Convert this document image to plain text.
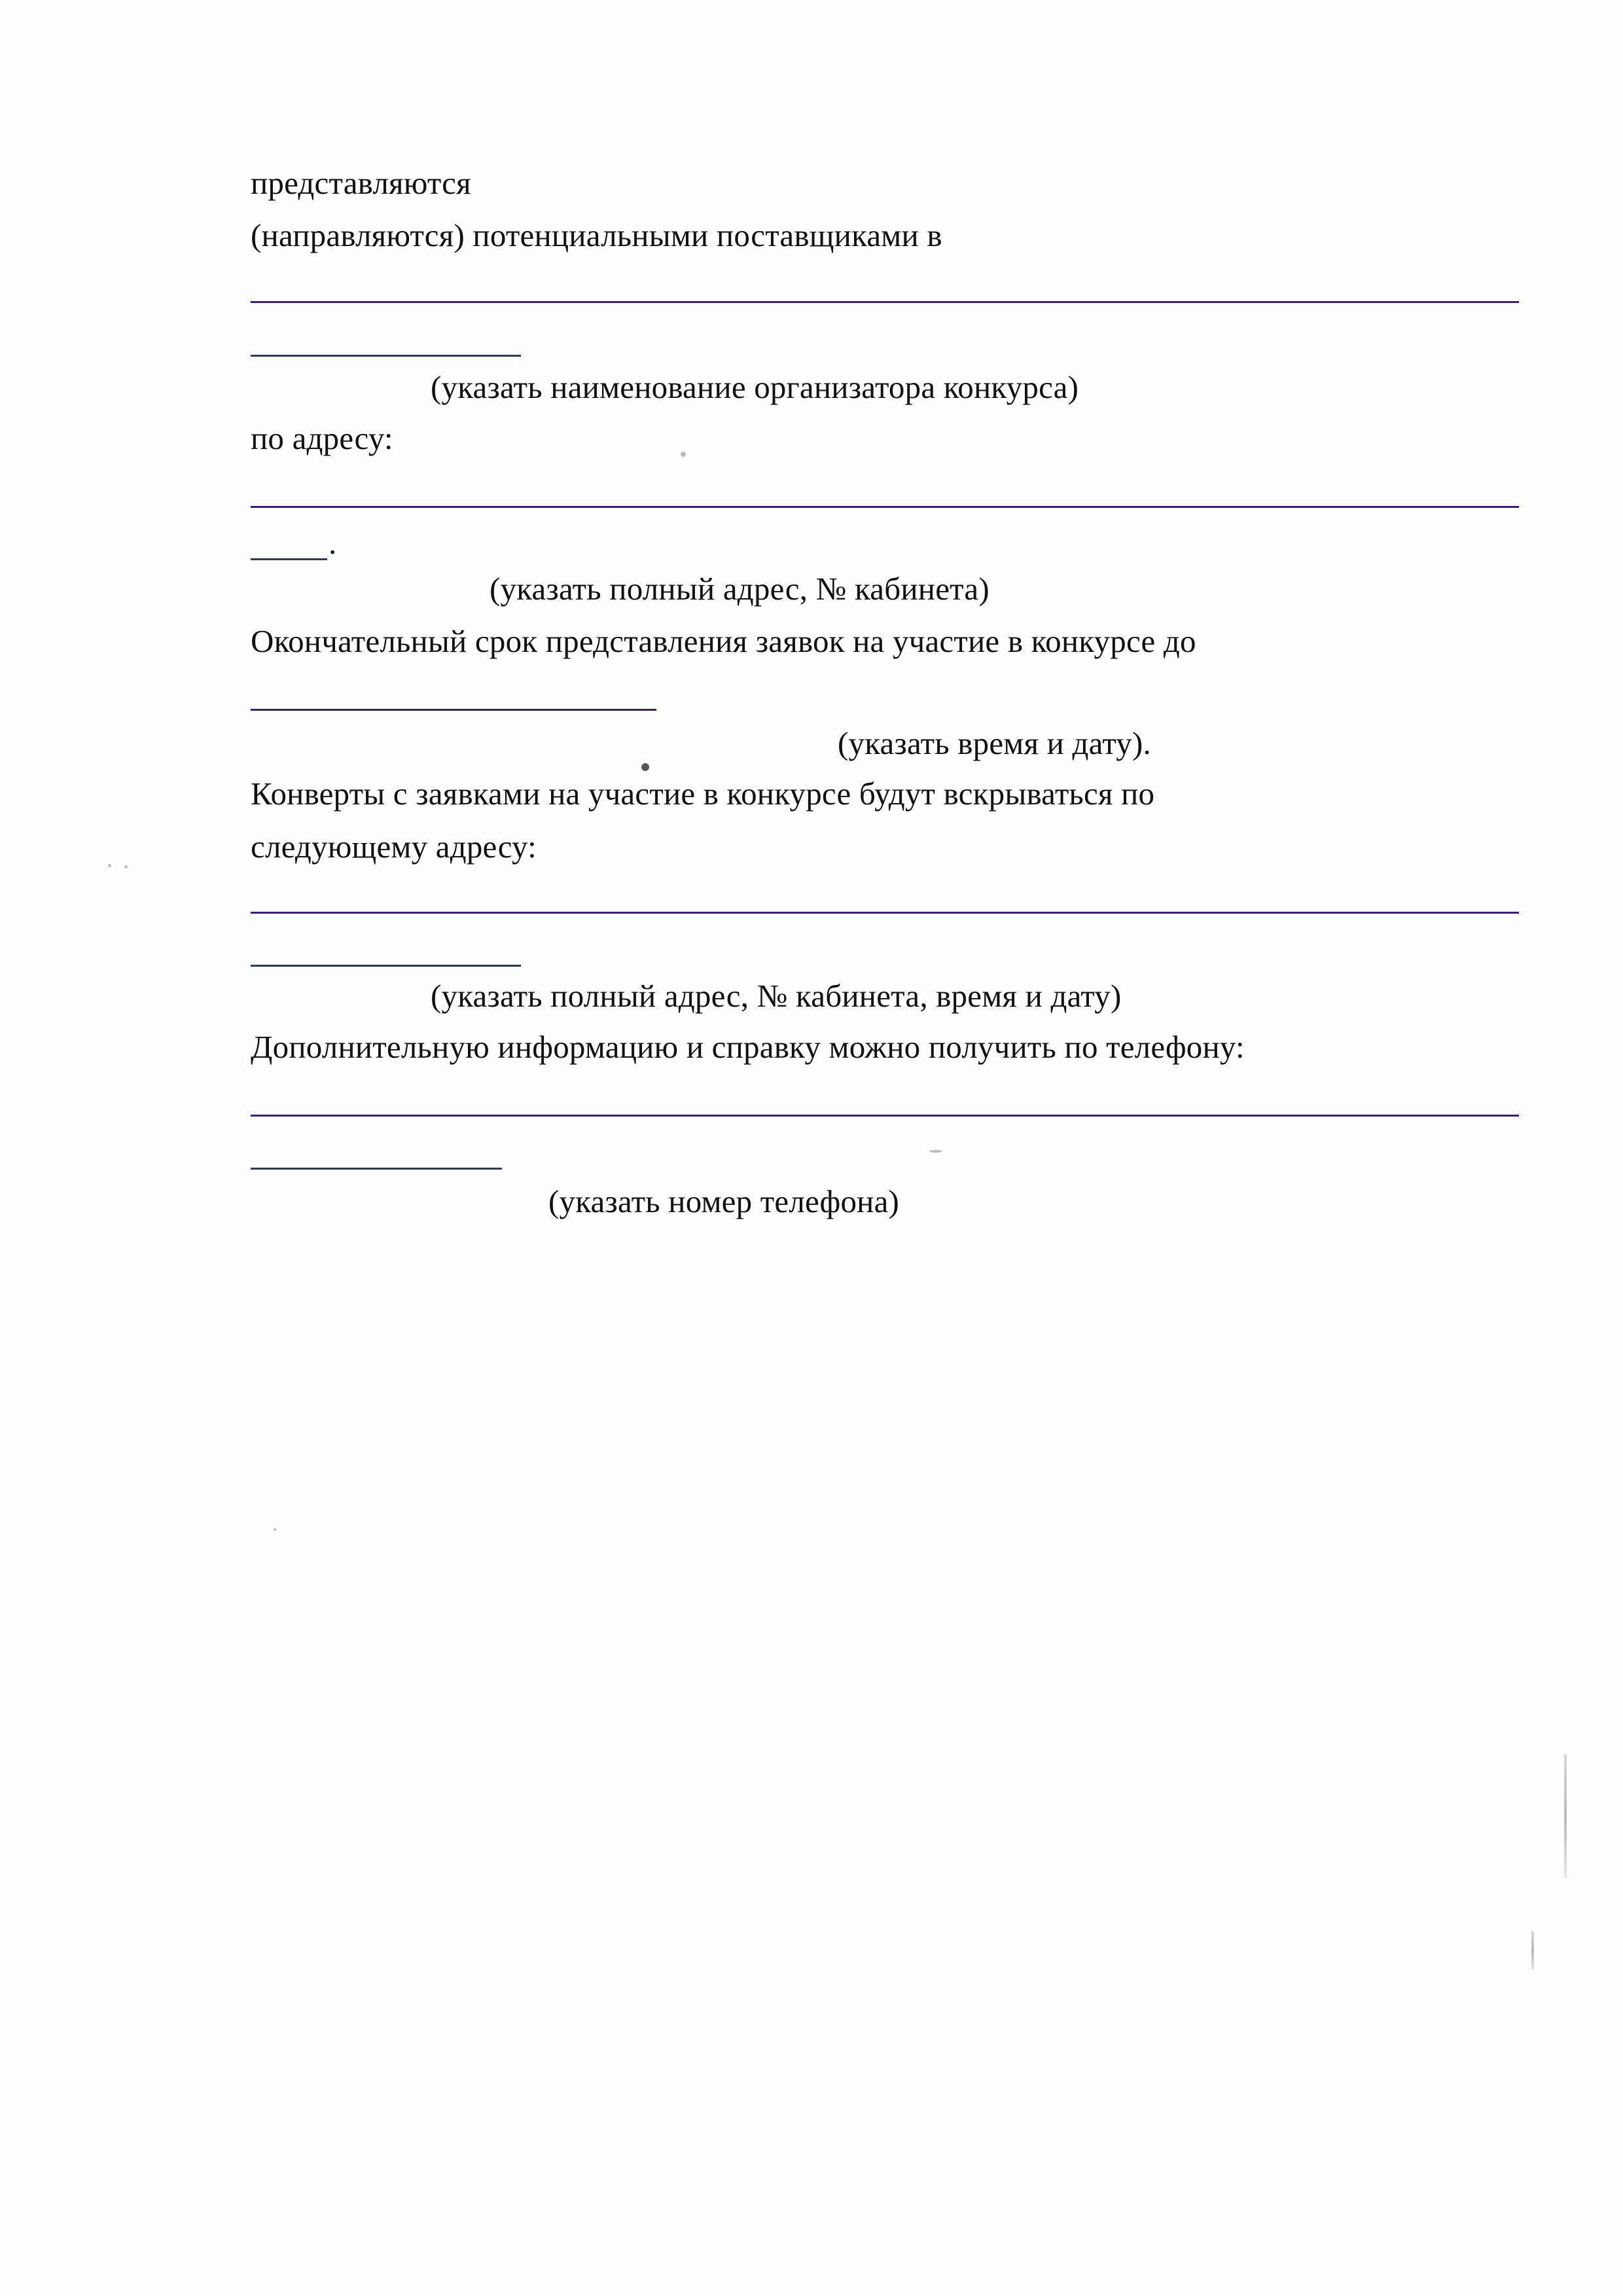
представляются
(направляются) потенциальными поставщиками в
(указать наименование организатора конкурса)
по адресу:
.
(указать полный адрес, № кабинета)
Окончательный срок представления заявок на участие в конкурсе до
(указать время и дату).
Конверты с заявками на участие в конкурсе будут вскрываться по
следующему адресу:
(указать полный адрес, № кабинета, время и дату)
Дополнительную информацию и справку можно получить по телефону:
(указать номер телефона)
